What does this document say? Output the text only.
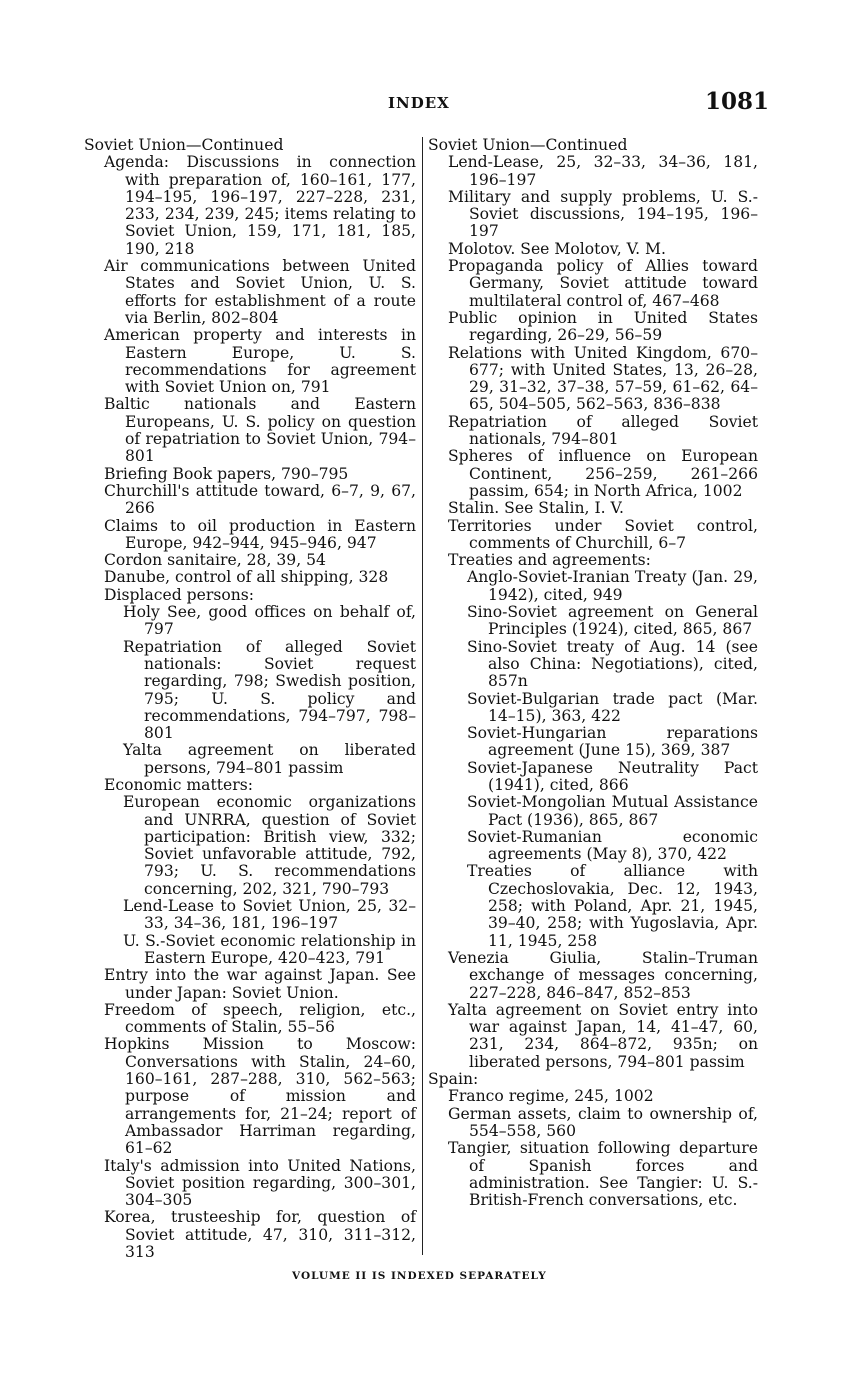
INDEX	1081

Soviet Union—Continued

Agenda: Discussions in connection with preparation of, 160–161, 177, 194–195, 196–197, 227–228, 231, 233, 234, 239, 245; items relating to Soviet Union, 159, 171, 181, 185, 190, 218

Air communications between United States and Soviet Union, U. S. efforts for establishment of a route via Berlin, 802–804

American property and interests in Eastern Europe, U. S. recommendations for agreement with Soviet Union on, 791

Baltic nationals and Eastern Europeans, U. S. policy on question of repatriation to Soviet Union, 794–801

Briefing Book papers, 790–795

Churchill's attitude toward, 6–7, 9, 67, 266

Claims to oil production in Eastern Europe, 942–944, 945–946, 947

Cordon sanitaire, 28, 39, 54

Danube, control of all shipping, 328

Displaced persons:

Holy See, good offices on behalf of, 797

Repatriation of alleged Soviet nationals: Soviet request regarding, 798; Swedish position, 795; U. S. policy and recommendations, 794–797, 798–801

Yalta agreement on liberated persons, 794–801 passim

Economic matters:

European economic organizations and UNRRA, question of Soviet participation: British view, 332; Soviet unfavorable attitude, 792, 793; U. S. recommendations concerning, 202, 321, 790–793

Lend-Lease to Soviet Union, 25, 32–33, 34–36, 181, 196–197

U. S.-Soviet economic relationship in Eastern Europe, 420–423, 791

Entry into the war against Japan. See under Japan: Soviet Union.

Freedom of speech, religion, etc., comments of Stalin, 55–56

Hopkins Mission to Moscow: Conversations with Stalin, 24–60, 160–161, 287–288, 310, 562–563; purpose of mission and arrangements for, 21–24; report of Ambassador Harriman regarding, 61–62

Italy's admission into United Nations, Soviet position regarding, 300–301, 304–305

Korea, trusteeship for, question of Soviet attitude, 47, 310, 311–312, 313

Soviet Union—Continued

Lend-Lease, 25, 32–33, 34–36, 181, 196–197

Military and supply problems, U. S.-Soviet discussions, 194–195, 196–197

Molotov. See Molotov, V. M.

Propaganda policy of Allies toward Germany, Soviet attitude toward multilateral control of, 467–468

Public opinion in United States regarding, 26–29, 56–59

Relations with United Kingdom, 670–677; with United States, 13, 26–28, 29, 31–32, 37–38, 57–59, 61–62, 64–65, 504–505, 562–563, 836–838

Repatriation of alleged Soviet nationals, 794–801

Spheres of influence on European Continent, 256–259, 261–266 passim, 654; in North Africa, 1002

Stalin. See Stalin, I. V.

Territories under Soviet control, comments of Churchill, 6–7

Treaties and agreements:

Anglo-Soviet-Iranian Treaty (Jan. 29, 1942), cited, 949

Sino-Soviet agreement on General Principles (1924), cited, 865, 867

Sino-Soviet treaty of Aug. 14 (see also China: Negotiations), cited, 857n

Soviet-Bulgarian trade pact (Mar. 14–15), 363, 422

Soviet-Hungarian reparations agreement (June 15), 369, 387

Soviet-Japanese Neutrality Pact (1941), cited, 866

Soviet-Mongolian Mutual Assistance Pact (1936), 865, 867

Soviet-Rumanian economic agreements (May 8), 370, 422

Treaties of alliance with Czechoslovakia, Dec. 12, 1943, 258; with Poland, Apr. 21, 1945, 39–40, 258; with Yugoslavia, Apr. 11, 1945, 258

Venezia Giulia, Stalin–Truman exchange of messages concerning, 227–228, 846–847, 852–853

Yalta agreement on Soviet entry into war against Japan, 14, 41–47, 60, 231, 234, 864–872, 935n; on liberated persons, 794–801 passim

Spain:

Franco regime, 245, 1002

German assets, claim to ownership of, 554–558, 560

Tangier, situation following departure of Spanish forces and administration. See Tangier: U. S.-British-French conversations, etc.

VOLUME II IS INDEXED SEPARATELY
